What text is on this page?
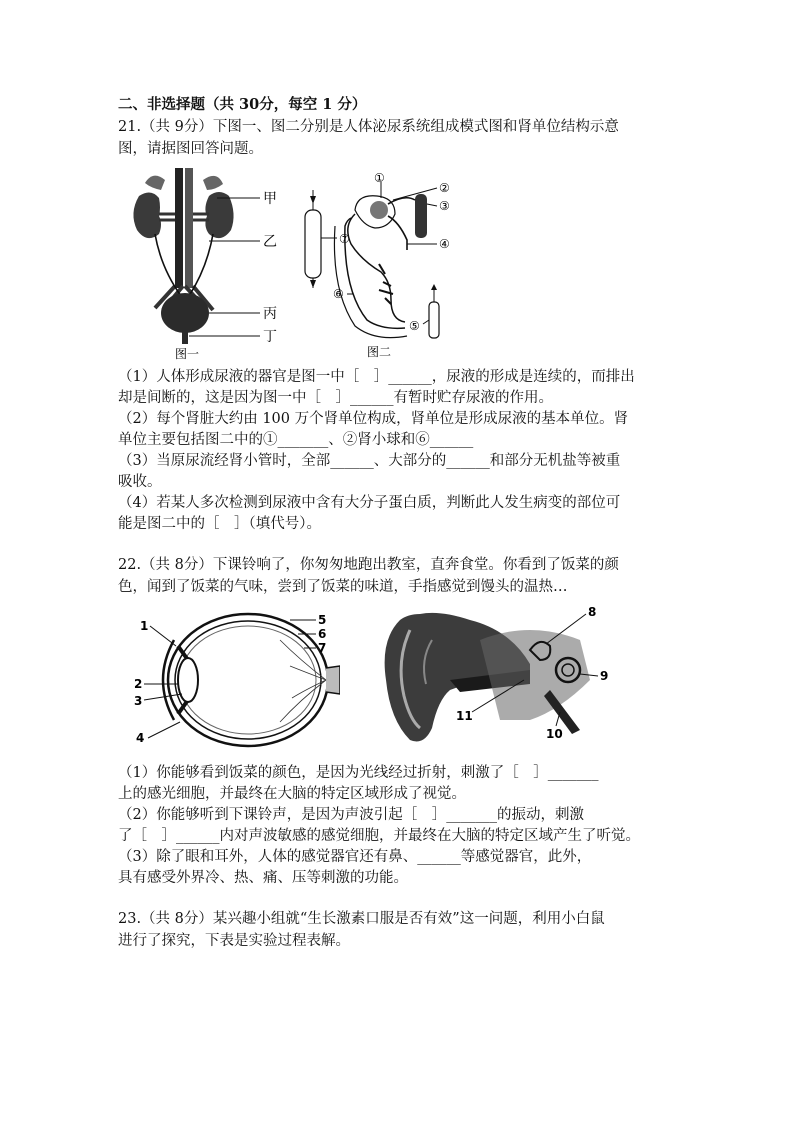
二、非选择题（共 30分，每空 1 分）
21.（共 9分）下图一、图二分别是人体泌尿系统组成模式图和肾单位结构示意
图，请据图回答问题。
甲
乙
丙
丁
图一
⑦
①
②
③
④
⑤
⑥
图二
（1）人体形成尿液的器官是图一中［　］______，尿液的形成是连续的，而排出
却是间断的，这是因为图一中［　］______有暂时贮存尿液的作用。
（2）每个肾脏大约由 100 万个肾单位构成，肾单位是形成尿液的基本单位。肾
单位主要包括图二中的①_______、②肾小球和⑥______
（3）当原尿流经肾小管时，全部______、大部分的______和部分无机盐等被重
吸收。
（4）若某人多次检测到尿液中含有大分子蛋白质，判断此人发生病变的部位可
能是图二中的［　］（填代号）。
22.（共 8分）下课铃响了，你匆匆地跑出教室，直奔食堂。你看到了饭菜的颜
色，闻到了饭菜的气味，尝到了饭菜的味道，手指感觉到馒头的温热…
1
2
3
4
5
6
7
8
9
10
11
（1）你能够看到饭菜的颜色，是因为光线经过折射，刺激了［　］_______
上的感光细胞，并最终在大脑的特定区域形成了视觉。
（2）你能够听到下课铃声，是因为声波引起［　］_______的振动，刺激
了［　］______内对声波敏感的感觉细胞，并最终在大脑的特定区域产生了听觉。
（3）除了眼和耳外，人体的感觉器官还有鼻、______等感觉器官，此外，
具有感受外界冷、热、痛、压等刺激的功能。
23.（共 8分）某兴趣小组就“生长激素口服是否有效”这一问题，利用小白鼠
进行了探究，下表是实验过程表解。
